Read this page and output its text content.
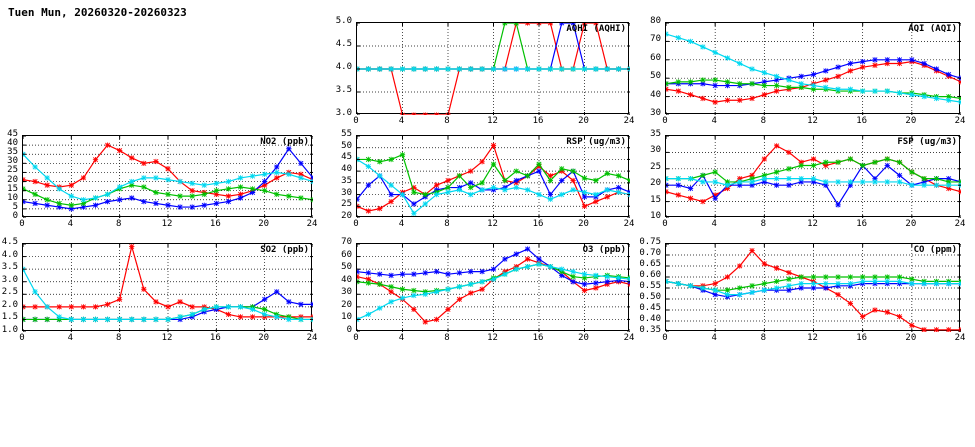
Tuen Mun, 20260320-20260323
AQHI (AQHI)
3.0
3.5
4.0
4.5
5.0
0	4	8	12	16	20	24
AQI (AQI)
30
40
50
60
70
80
0	4	8	12	16	20	24
NO2 (ppb)
0
5
10
15
20
25
30
35
40
45
0	4	8	12	16	20	24
RSP (ug/m3)
20
25
30
35
40
45
50
55
0	4	8	12	16	20	24
FSP (ug/m3)
10
15
20
25
30
35
0	4	8	12	16	20	24
SO2 (ppb)
1.0
1.5
2.0
2.5
3.0
3.5
4.0
4.5
0	4	8	12	16	20	24
O3 (ppb)
0
10
20
30
40
50
60
70
0	4	8	12	16	20	24
CO (ppm)
0.35
0.40
0.45
0.50
0.55
0.60
0.65
0.70
0.75
0	4	8	12	16	20	24
